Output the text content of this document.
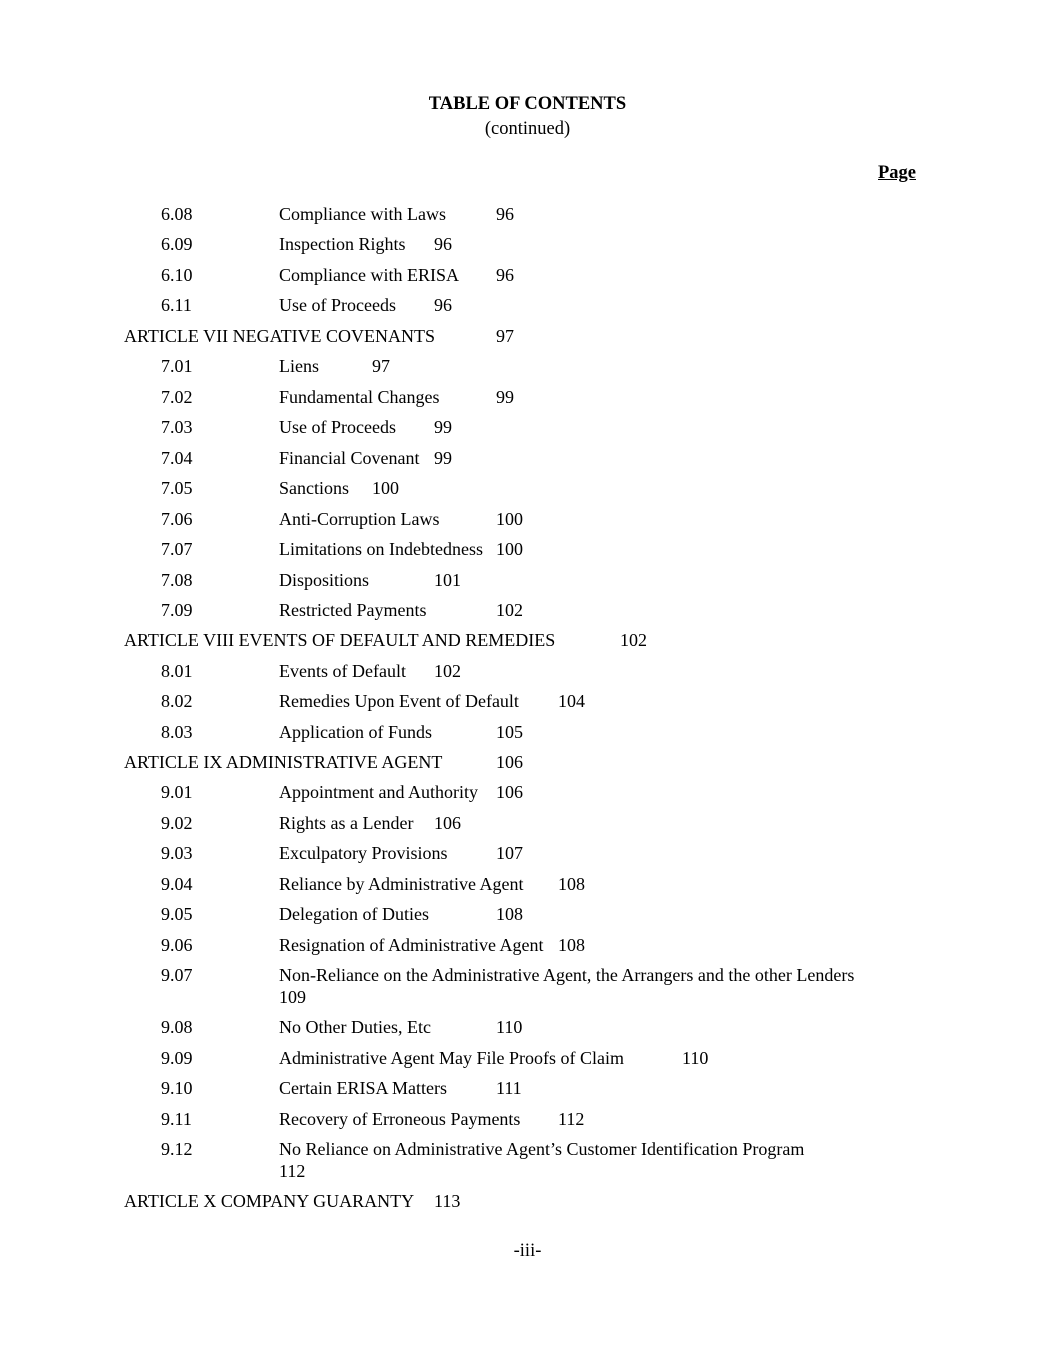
TABLE OF CONTENTS
(continued)
Page
6.08	Compliance with Laws	96
6.09	Inspection Rights 96
6.10	Compliance with ERISA 96
6.11	Use of Proceeds 96
ARTICLE VII NEGATIVE COVENANTS	97
7.01	Liens	97
7.02	Fundamental Changes	99
7.03	Use of Proceeds 99
7.04	Financial Covenant 99
7.05	Sanctions 100
7.06	Anti-Corruption Laws	100
7.07	Limitations on Indebtedness 100
7.08	Dispositions	101
7.09	Restricted Payments	102
ARTICLE VIII EVENTS OF DEFAULT AND REMEDIES	102
8.01	Events of Default 102
8.02	Remedies Upon Event of Default 104
8.03	Application of Funds	105
ARTICLE IX ADMINISTRATIVE AGENT	106
9.01	Appointment and Authority 106
9.02	Rights as a Lender 106
9.03	Exculpatory Provisions	107
9.04	Reliance by Administrative Agent 108
9.05	Delegation of Duties	108
9.06	Resignation of Administrative Agent 108
9.07	Non-Reliance on the Administrative Agent, the Arrangers and the other Lenders
109
9.08	No Other Duties, Etc	110
9.09	Administrative Agent May File Proofs of Claim	110
9.10	Certain ERISA Matters	111
9.11	Recovery of Erroneous Payments 112
9.12	No Reliance on Administrative Agent’s Customer Identification Program
112
ARTICLE X COMPANY GUARANTY 113
-iii-
